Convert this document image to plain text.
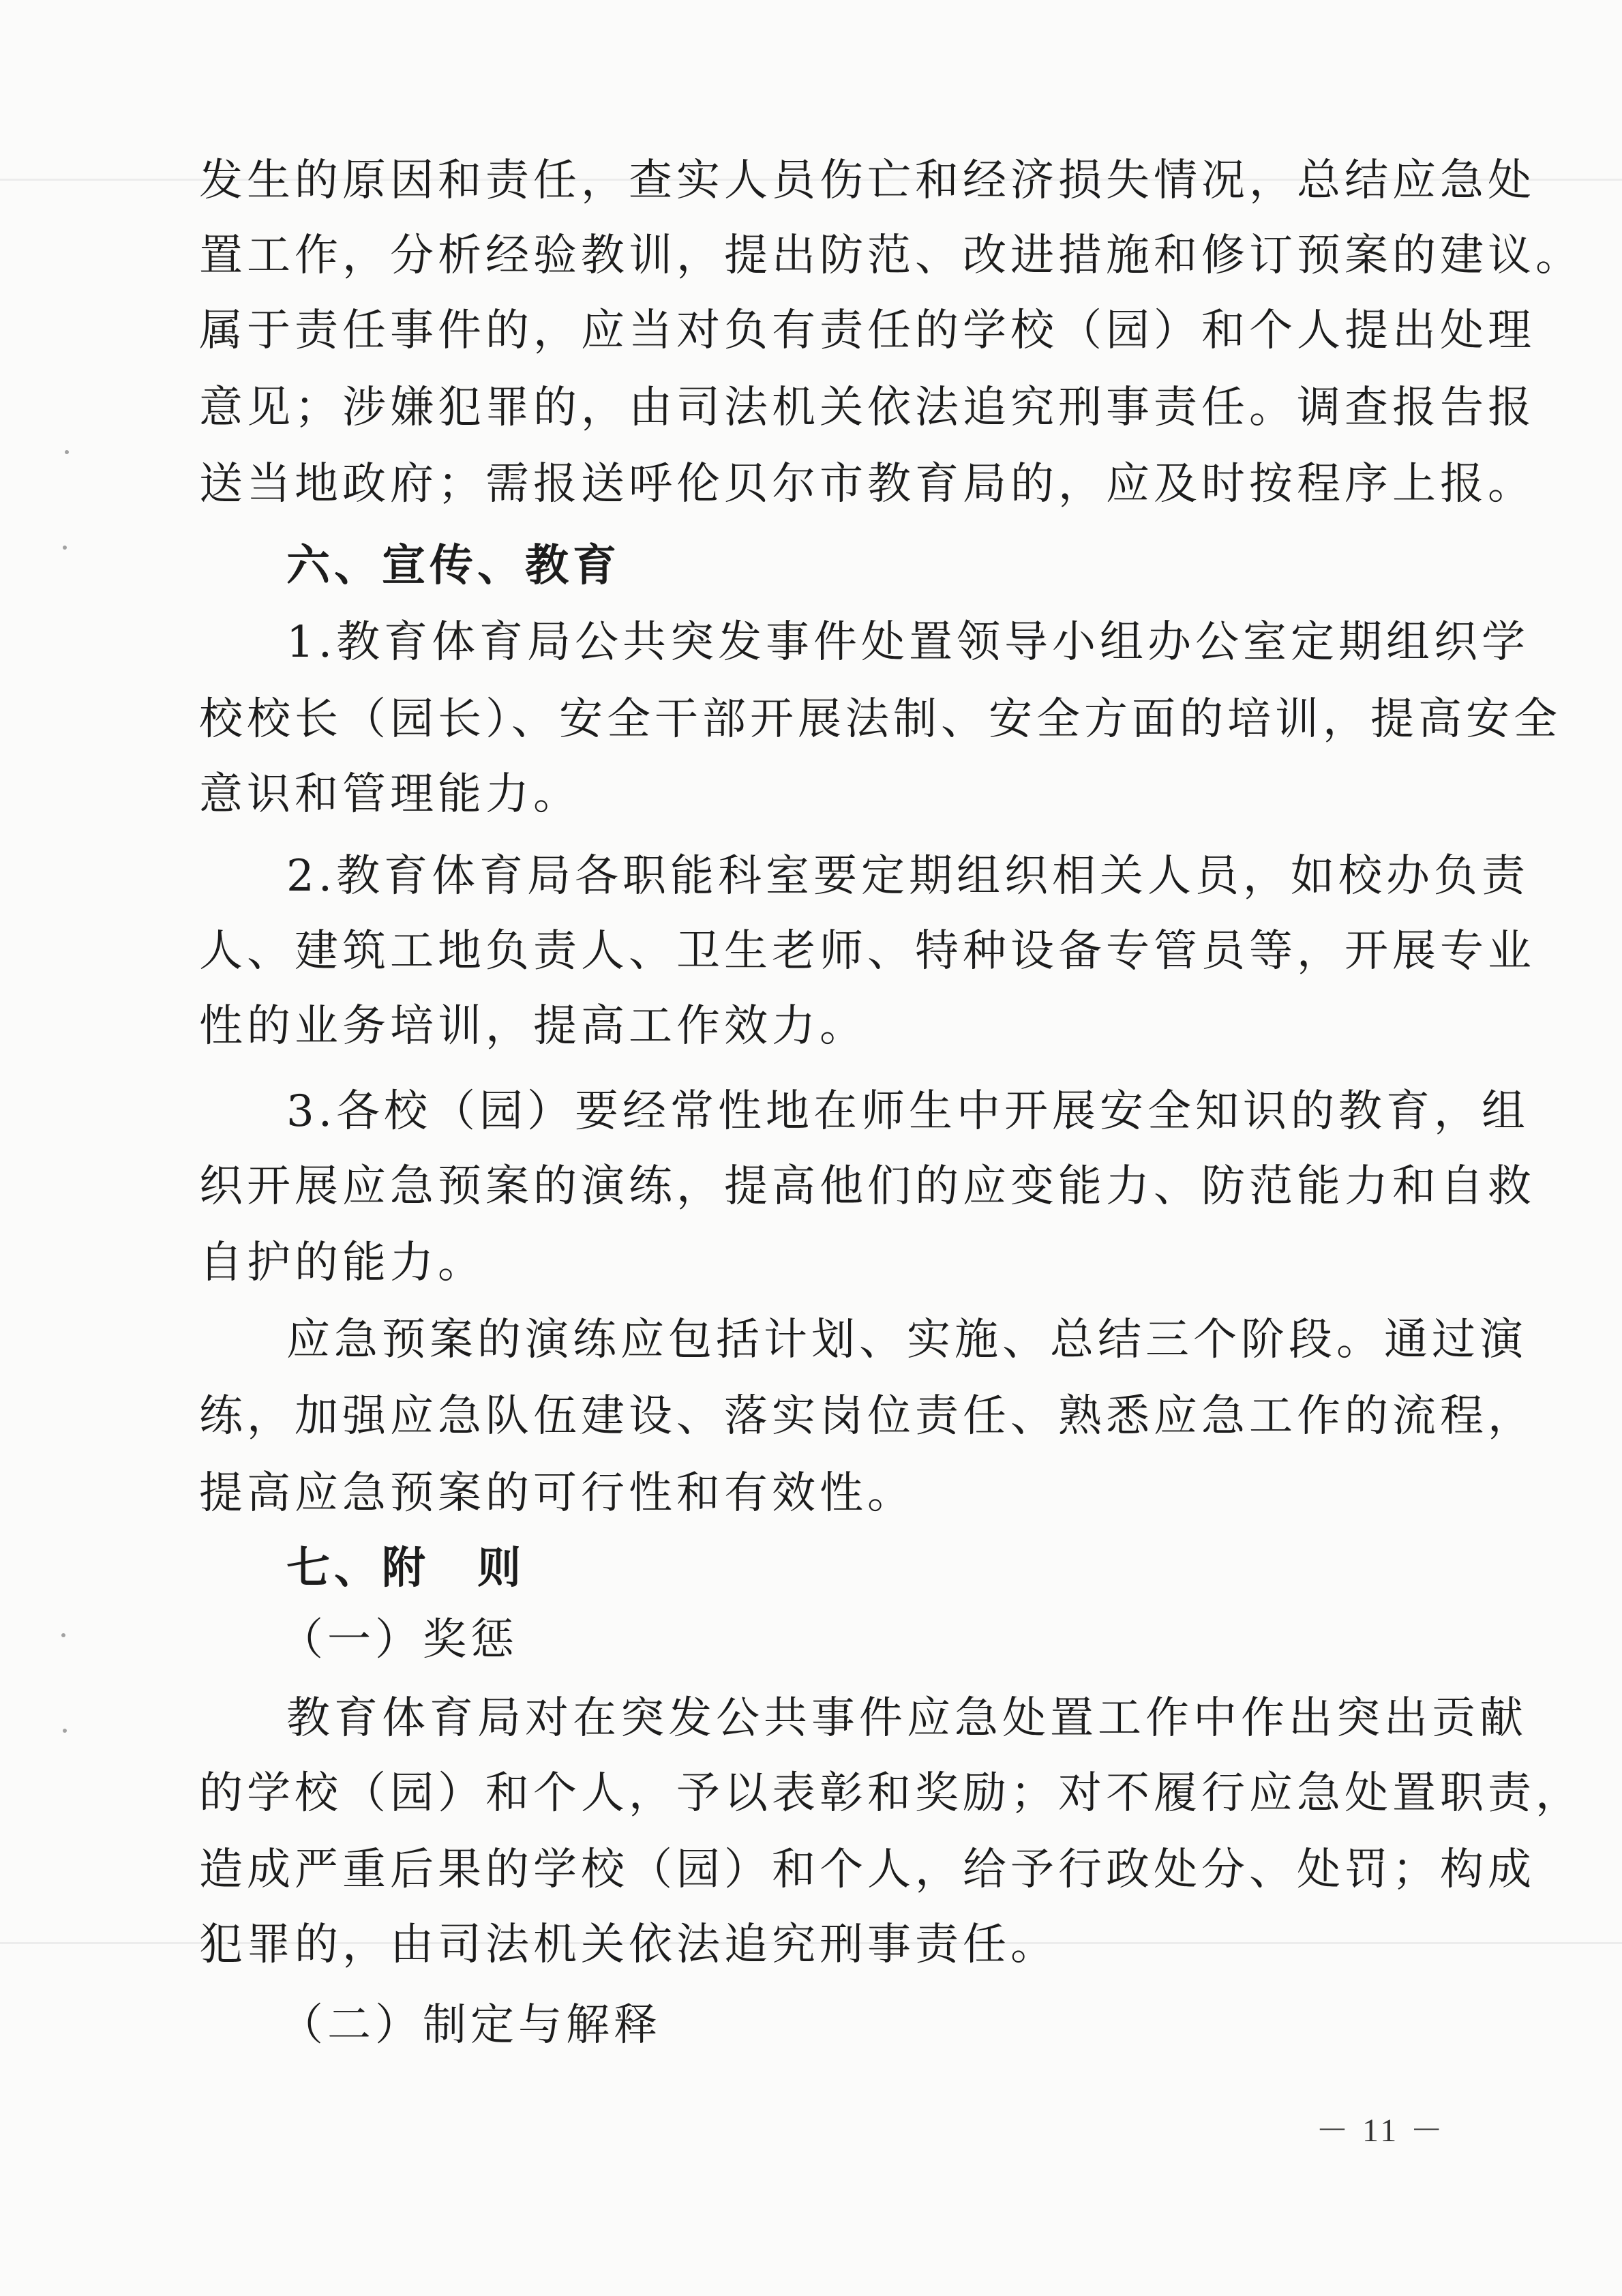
发生的原因和责任，查实人员伤亡和经济损失情况，总结应急处
置工作，分析经验教训，提出防范、改进措施和修订预案的建议。
属于责任事件的，应当对负有责任的学校（园）和个人提出处理
意见；涉嫌犯罪的，由司法机关依法追究刑事责任。调查报告报
送当地政府；需报送呼伦贝尔市教育局的，应及时按程序上报。
六、宣传、教育
1.教育体育局公共突发事件处置领导小组办公室定期组织学
校校长（园长）、安全干部开展法制、安全方面的培训，提高安全
意识和管理能力。
2.教育体育局各职能科室要定期组织相关人员，如校办负责
人、建筑工地负责人、卫生老师、特种设备专管员等，开展专业
性的业务培训，提高工作效力。
3.各校（园）要经常性地在师生中开展安全知识的教育，组
织开展应急预案的演练，提高他们的应变能力、防范能力和自救
自护的能力。
应急预案的演练应包括计划、实施、总结三个阶段。通过演
练，加强应急队伍建设、落实岗位责任、熟悉应急工作的流程，
提高应急预案的可行性和有效性。
七、附　则
（一）奖惩
教育体育局对在突发公共事件应急处置工作中作出突出贡献
的学校（园）和个人，予以表彰和奖励；对不履行应急处置职责，
造成严重后果的学校（园）和个人，给予行政处分、处罚；构成
犯罪的，由司法机关依法追究刑事责任。
（二）制定与解释
－ 11 －
